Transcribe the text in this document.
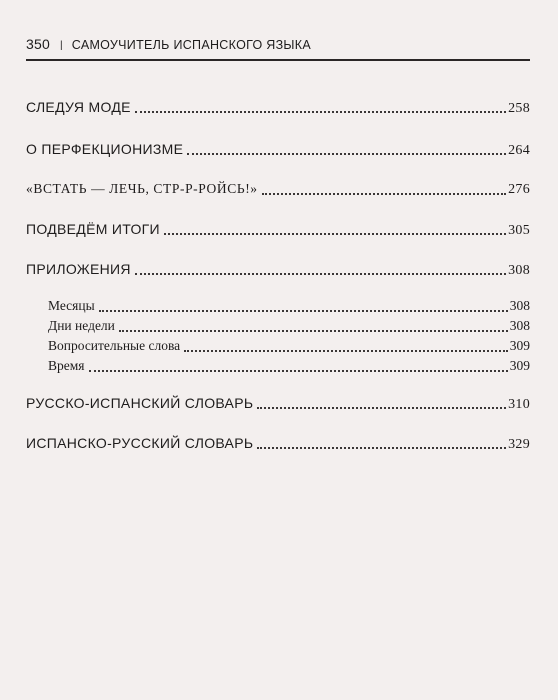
350 | САМОУЧИТЕЛЬ ИСПАНСКОГО ЯЗЫКА
СЛЕДУЯ МОДЕ	258
О ПЕРФЕКЦИОНИЗМЕ	264
«ВСТАТЬ — ЛЕЧЬ, СТР-Р-РОЙСЬ!»	276
ПОДВЕДЁМ ИТОГИ	305
ПРИЛОЖЕНИЯ	308
Месяцы	308
Дни недели	308
Вопросительные слова	309
Время	309
РУССКО-ИСПАНСКИЙ СЛОВАРЬ	310
ИСПАНСКО-РУССКИЙ СЛОВАРЬ	329
